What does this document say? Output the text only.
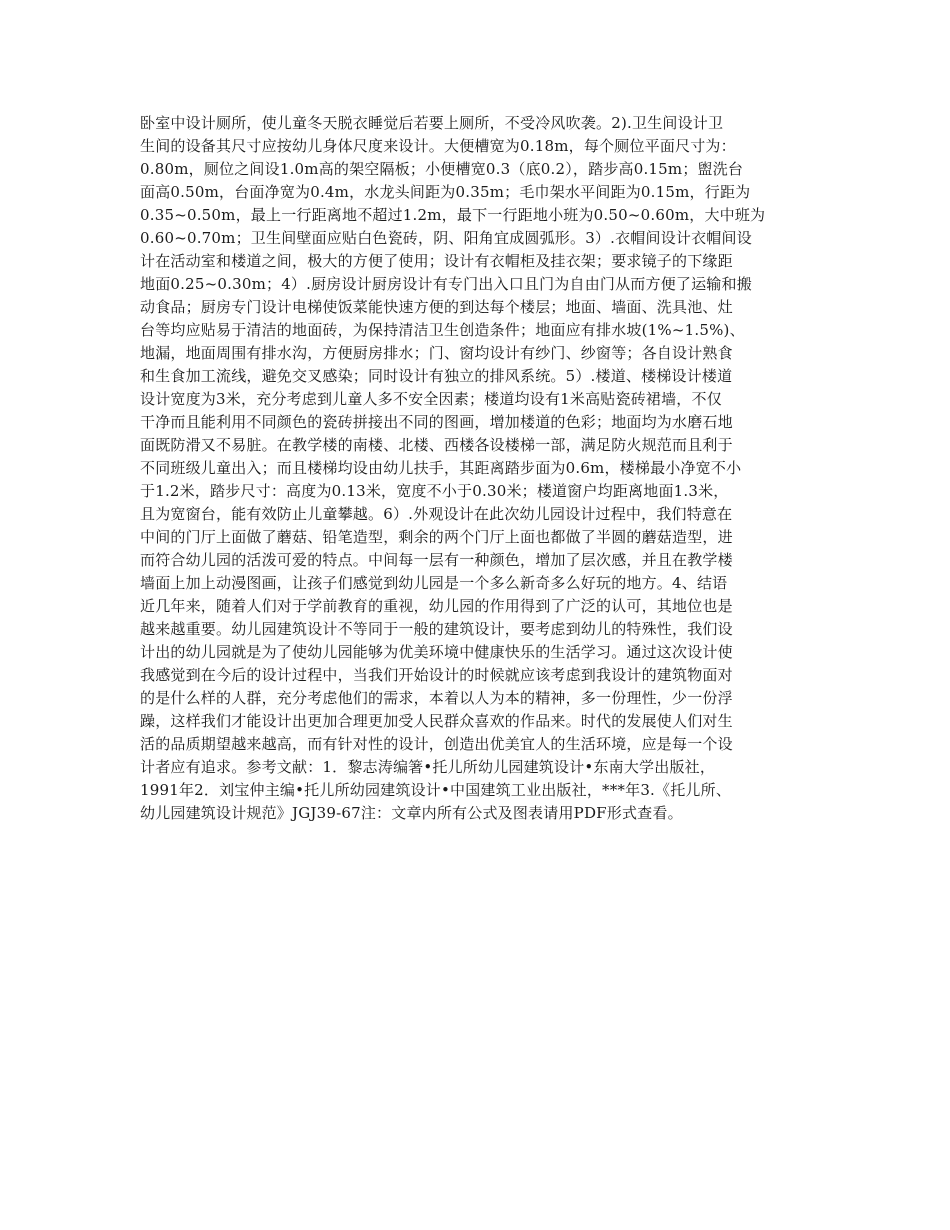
卧室中设计厕所，使儿童冬天脱衣睡觉后若要上厕所，不受冷风吹袭。2).卫生间设计卫
生间的设备其尺寸应按幼儿身体尺度来设计。大便槽宽为0.18m，每个厕位平面尺寸为：
0.80m，厕位之间设1.0m高的架空隔板；小便槽宽0.3（底0.2），踏步高0.15m；盥洗台
面高0.50m，台面净宽为0.4m，水龙头间距为0.35m；毛巾架水平间距为0.15m，行距为
0.35~0.50m，最上一行距离地不超过1.2m，最下一行距地小班为0.50~0.60m，大中班为
0.60~0.70m；卫生间壁面应贴白色瓷砖，阴、阳角宜成圆弧形。3）.衣帽间设计衣帽间设
计在活动室和楼道之间，极大的方便了使用；设计有衣帽柜及挂衣架；要求镜子的下缘距
地面0.25~0.30m；4）.厨房设计厨房设计有专门出入口且门为自由门从而方便了运输和搬
动食品；厨房专门设计电梯使饭菜能快速方便的到达每个楼层；地面、墙面、洗具池、灶
台等均应贴易于清洁的地面砖，为保持清洁卫生创造条件；地面应有排水坡(1%~1.5%)、
地漏，地面周围有排水沟，方便厨房排水；门、窗均设计有纱门、纱窗等；各自设计熟食
和生食加工流线，避免交叉感染；同时设计有独立的排风系统。5）.楼道、楼梯设计楼道
设计宽度为3米，充分考虑到儿童人多不安全因素；楼道均设有1米高贴瓷砖裙墙，不仅
干净而且能利用不同颜色的瓷砖拼接出不同的图画，增加楼道的色彩；地面均为水磨石地
面既防滑又不易脏。在教学楼的南楼、北楼、西楼各设楼梯一部，满足防火规范而且利于
不同班级儿童出入；而且楼梯均设由幼儿扶手，其距离踏步面为0.6m，楼梯最小净宽不小
于1.2米，踏步尺寸：高度为0.13米，宽度不小于0.30米；楼道窗户均距离地面1.3米，
且为宽窗台，能有效防止儿童攀越。6）.外观设计在此次幼儿园设计过程中，我们特意在
中间的门厅上面做了蘑菇、铅笔造型，剩余的两个门厅上面也都做了半圆的蘑菇造型，进
而符合幼儿园的活泼可爱的特点。中间每一层有一种颜色，增加了层次感，并且在教学楼
墙面上加上动漫图画，让孩子们感觉到幼儿园是一个多么新奇多么好玩的地方。4、结语
近几年来，随着人们对于学前教育的重视，幼儿园的作用得到了广泛的认可，其地位也是
越来越重要。幼儿园建筑设计不等同于一般的建筑设计，要考虑到幼儿的特殊性，我们设
计出的幼儿园就是为了使幼儿园能够为优美环境中健康快乐的生活学习。通过这次设计使
我感觉到在今后的设计过程中，当我们开始设计的时候就应该考虑到我设计的建筑物面对
的是什么样的人群，充分考虑他们的需求，本着以人为本的精神，多一份理性，少一份浮
躁，这样我们才能设计出更加合理更加受人民群众喜欢的作品来。时代的发展使人们对生
活的品质期望越来越高，而有针对性的设计，创造出优美宜人的生活环境，应是每一个设
计者应有追求。参考文献：1．黎志涛编箸•托儿所幼儿园建筑设计•东南大学出版社，
1991年2．刘宝仲主编•托儿所幼园建筑设计•中国建筑工业出版社，***年3.《托儿所、
幼儿园建筑设计规范》JGJ39-67注：文章内所有公式及图表请用PDF形式查看。
